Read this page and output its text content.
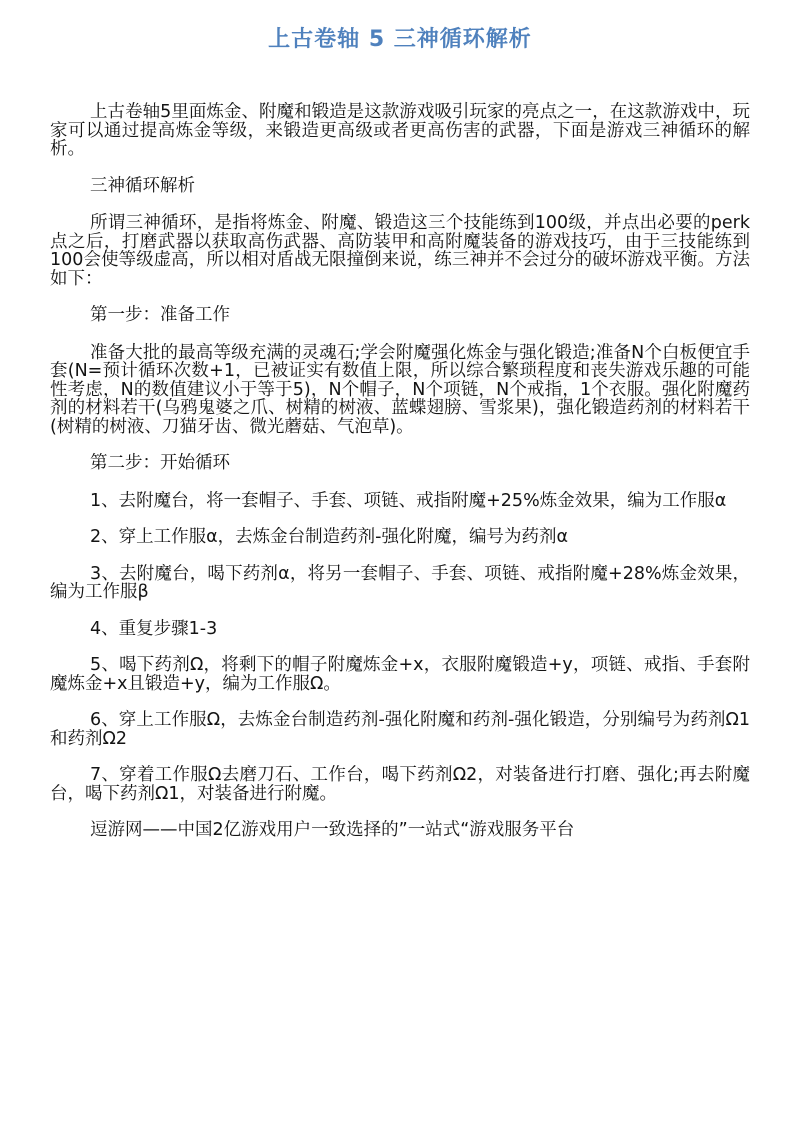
上古卷轴 5 三神循环解析

上古卷轴5里面炼金、附魔和锻造是这款游戏吸引玩家的亮点之一，在这款游戏中，玩家可以通过提高炼金等级，来锻造更高级或者更高伤害的武器，下面是游戏三神循环的解析。

三神循环解析

所谓三神循环，是指将炼金、附魔、锻造这三个技能练到100级，并点出必要的perk点之后，打磨武器以获取高伤武器、高防装甲和高附魔装备的游戏技巧，由于三技能练到100会使等级虚高，所以相对盾战无限撞倒来说，练三神并不会过分的破坏游戏平衡。方法如下：

第一步：准备工作

准备大批的最高等级充满的灵魂石;学会附魔强化炼金与强化锻造;准备N个白板便宜手套(N=预计循环次数+1，已被证实有数值上限，所以综合繁琐程度和丧失游戏乐趣的可能性考虑，N的数值建议小于等于5)，N个帽子，N个项链，N个戒指，1个衣服。强化附魔药剂的材料若干(乌鸦鬼婆之爪、树精的树液、蓝蝶翅膀、雪浆果)，强化锻造药剂的材料若干(树精的树液、刀猫牙齿、微光蘑菇、气泡草)。

第二步：开始循环

1、去附魔台，将一套帽子、手套、项链、戒指附魔+25%炼金效果，编为工作服α

2、穿上工作服α，去炼金台制造药剂-强化附魔，编号为药剂α

3、去附魔台，喝下药剂α，将另一套帽子、手套、项链、戒指附魔+28%炼金效果，编为工作服β

4、重复步骤1-3

5、喝下药剂Ω，将剩下的帽子附魔炼金+x，衣服附魔锻造+y，项链、戒指、手套附魔炼金+x且锻造+y，编为工作服Ω。

6、穿上工作服Ω，去炼金台制造药剂-强化附魔和药剂-强化锻造，分别编号为药剂Ω1和药剂Ω2

7、穿着工作服Ω去磨刀石、工作台，喝下药剂Ω2，对装备进行打磨、强化;再去附魔台，喝下药剂Ω1，对装备进行附魔。

逗游网——中国2亿游戏用户一致选择的”一站式“游戏服务平台
